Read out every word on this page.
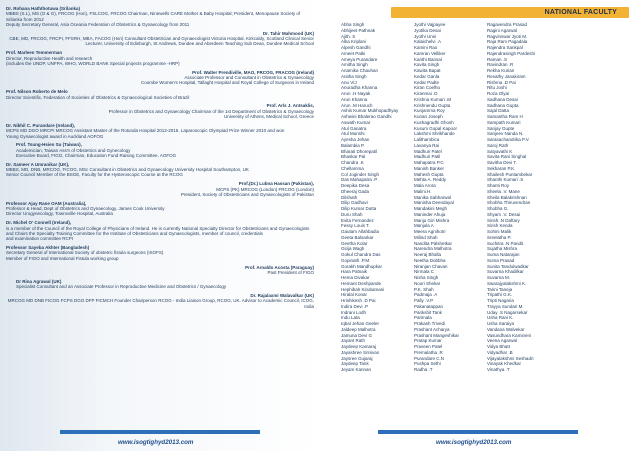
Dr. Rohana Haththotuwa (Srilanka)
MBBS (S.L), MS (O & G), FRCOG (Hon), FSLCOG, FRCOG Chairman, Ninewells CARE Mother & Baby Hospital; President, Menopause Society of Srilanka from 2012
Deputy Secretary General, Asia Oceania Federation of Obstetrics & Gynaecology from 2011
Dr. Tahir Mahmood (UK)
CBE, MD, FRCOG, FRCPI, FFSRH, MBA, FACOG (Hon) Consultant Obstetrician and Gynaecologist Victoria Hospital, Kirkcaldy, Scotland Clinical Senior
Lecturer, University of Edinburgh, St Andrews, Dundee and Aberdeen Teaching Sub Dean, Dundee Medical School
Prof. Marleen Temmerman
Director, Reproductive Health and research
(includes the UNDP, UNFPA, WHO, WORLD BANK Special projects programme -HRP)
Prof. Walter Prendiville, MAO, FRCOG, FRACOG (Ireland)
Associate Professor and Consultant in Obstetrics & Gynaecology
Coombe Women's Hospital, Tallaght Hospital and Royal College of Surgeons in Ireland
Prof. Nilson Roberto de Melo
Director Scientific, Federation of Societies of Obstetrics & Gynaecological Societies of Brazil
Prof. Arls J. Antsaklis,
Professor in Obstetrics and Gynaecology Chairman of the 1st Department of Obstetrics & Gynaecology
University of Athens, Medical School, Greece
Dr. Nikhil C. Purandare (Ireland),
MCPS MD DGO MRCPI MRCOG Assistant Master of the Rotunda Hospital 2012-2015. Laparoscopic Olympiad Prize Winner 2010 and won
Young Gynaecologist award in Auckland AOFOG
Prof. Tsung-Hsien Su (Taiwan),
Academician, Taiwan Ass'n of Obstetrics and Gynecology
Executive Board, FIGO, Chairman, Education Fund Raising Committee, AOFOG
Dr. Sameer A Umranikar (UK),
MBBS, MD, DNB, MRCOG, FICOG, MSc Consultant in Obstetrics and Gynaecology University Hospital Southampton, UK
Senior Council Member of the BSGE, Faculty for the Hysteroscopic Course at the RCOG
Prof.(Dr.) Lubna Hassan (Pakistan),
MCPS (PK) MRCOG (London) FRCOG (London)
President, Society of Obstetricians and Gynaecologists of Pakistan
Professor Ajay Rane OAM (Australia),
Professor & Head, Dept of Obstetrics and Gynaecology, James Cook University
Director Urogynecology, Townsville Hospital, Australia
Dr. Michel O' Connell (Ireland),
is a member of the Council of the Royal College of Physicians of Ireland. He is currently National Specialty Director for Obstetricians and Gynaecologists and Chairs the Specialty Training Committee for the Institute of Obstetricians and Gynaecologists, member of council, credentials
and examination committee RCPI
Professor Sayeba Akhter (Bangladesh)
Secretary General of International Society of obstetric fistula surgeons (ISOFS)
Member of FIGO and International Fistula working group
Prof. Arnaldo Acosta (Paraguay)
Past President of FIGO
Dr Rina Agrawal (UK)
Specialist Consultant and an Associate Professor in Reproductive Medicine and Obstetrics / Gynaecology
Dr. Rajalaxmi Walavalkar (UK)
MRCOG MD DNB FICOG FCPS DGO DFP FICMCH Founder Chairperson RCOG - India Liaison Group, RCOG, UK. Advisor to Academic Council, ICOG, India
NATIONAL FACULTY
Abha Singh
Abhijeet Pathnak
Ajith. S
Alka Kriplani
Alpesh Gandhi
Ameet Patki
Ameya Purandare
Amitha Singh
Anamika Chauhan
Anitha Singh
Anu VIJ
Anuradha Khanna
Arun .H Nayak
Arun Khanna
Arun .M Haruch
Ashis Kumar Mukhopadhyay
Ashwini Bhalerao Gandhi
Aswath Kumar
Atul Ganatra
Atul Munshi
Ayesha Jehan
Balambia P.
Bharati Dhorepatil
Bhaskar Pal
Chandra .K
Chellamma
Col Joginder Singh
Das Mahapatra .P
Deepika Desa
Dheeraj Gada
Dilshath
Dilip Gadhavi
Dilip Kumar Dutta
Duru Shah
Evita Fernandez
Fessy Louis T.
Gautam Allahbadia
Geeta Balsarkar
Geetha Kolar
Girija Wagh
Gokul Chandra Das
Gopinath .P.M
Gorakh Mandhupkar
Hara Patnaik
Hema Divakar
Hemant Deshpande
Hephibah Kirubamani
Hiralal Konar
Hrishikesh .D Pai
Indira Devi .P
Indrani Lodh
Indu Lata
Iqbal Jehan Geeler
Jaldeep Malhotra
Jamuna Devi G
Jayant Rath
Jaydeep Kamaraj
Jayashree Srinivas
Jaysree Gujaraj
Jaydeep Tank
Jeyam Kannan
Jyothi Vajpayee
Jyotika Desai
Jyothi Unni
Kalaichelvi .A
Kamini Rao
Kamran Velliker
Kanthi Bansal
Kavita Singh
Kawita Bapat
Kedar Ganla
Kedar Padte
Kiran Coelho
Kiranmai .D
Krishna Kumari .M
Krishnendu Gupta
Kunjamma Roy
Kunan Joseph
Kushagradhi Ghosh
Kusum Gopal Kapoor
Lakshmi Shrikhande
Lalithambica
Lavanya Rai
Madhuri Patel
Madhuri Patil
Mahapatra P.C
Manish Banker
Mahesh Gupta
Mehta A. Reddy
Mala Arora
Malini.H.
Manika Sabharwal
Manisha Deendayal
Mandakini Megh
Maninder Ahuja
Manju Giri Mishra
Manjula A
Meera Agnihotri
Milind Shah
Nandita Palshetkar
Narendra Malhotra
Neeraj Bhalla
Neetha Dobbha
Niranjan Chavan
Nirmala C
Nisha Singh
Noori Shekar
P.K. Shah
Padmaja .A
Pally .V.P
Pakanatappan
Parikshit Tank
Parimala
Prakash Trivedi
Prashant Acharya
Prashant Mangeshikar
Pratap Kumar
Praveen Patel
Premalatha .R
Purandare C.N
Pushpa Sethi
Radha .T
Ragavendra Prasad
Ragini Agarwal
Ragvinswar Jyoti M.
Raja Ram Pagadala
Rajendra Sankpal
Rajendrasingh Pardeshi
Raman .S
Ravindran .R
Rekha Kurian
Revathy Janakiram
Rishma .D Pai
Ritu Joshi
Roza Olyai
Sadhana Desai
Sadhana Gupta
Sajal Datta
Samantha Ram H
Sampath Kumari
Sanjay Gupte
Sanjeev Nanda N.
Sarasachandrika P.V.
Saroj Rath
Satyavathi K
Savita Rani Singhal
Savitha Devi T.
Sekharan P.K.
Shailesh Puntambekar
Shanthi Kumari .S
Shanti Roy
Sheela .V. Mane
Sheila Balakrishnan
Shobha Thiruvendran
Shobha G.
Shyam .V. Desai
Sirish .N Daftary
Sirish Kenda
Sohini Malik
Sreelatha P.
Suchitra .N Pandit
Sujatha Mishra
Suma Natarajan
Suma Prasad
Sunita Tandulwadkar
Suvarna Khadilkar
Suvarna M.
Swarajyalakshmi K.
Tarini Taneja
Tripathi G.K.
Tripti Nagaria
Trayya Sundari M.
Uday .S Nagarsekar
Usha Rani K.
Usha Saraiya
Vandana Walvekar
Vasundhara Kamineni
Veena Agarwal
Vidya Bhatt
Vidyadhar .B
Vijayalakshmi Seshadri
Vinayak Khedkar
Vinathya .T
www.isogtighyd2013.com	www.isogtighyd2013.com
